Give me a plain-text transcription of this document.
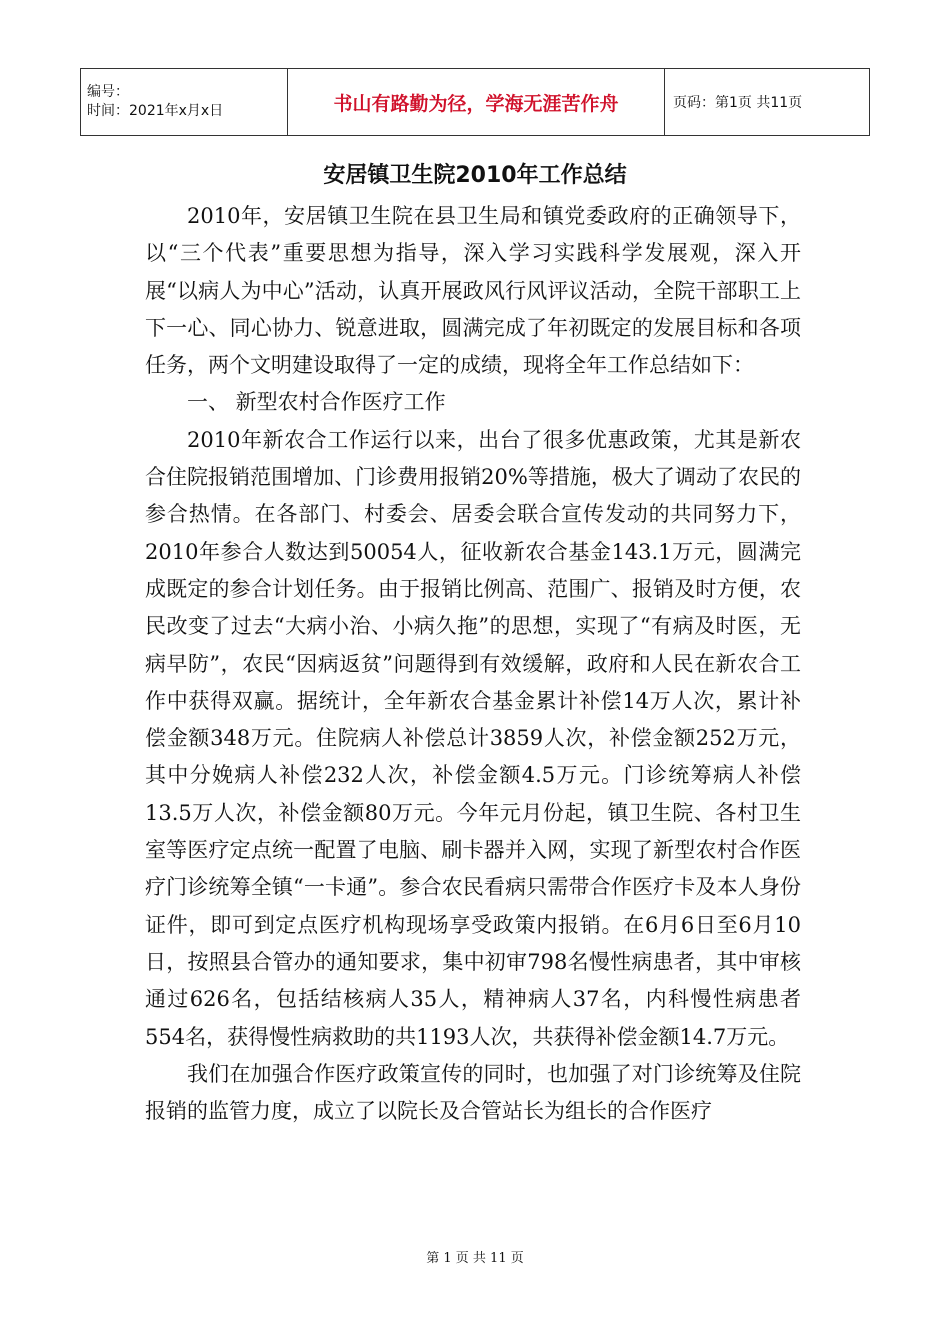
编号：
时间：2021年x月x日	书山有路勤为径，学海无涯苦作舟	页码：第1页 共11页
安居镇卫生院2010年工作总结

2010年，安居镇卫生院在县卫生局和镇党委政府的正确领导下，以“三个代表”重要思想为指导，深入学习实践科学发展观，深入开展“以病人为中心”活动，认真开展政风行风评议活动，全院干部职工上下一心、同心协力、锐意进取，圆满完成了年初既定的发展目标和各项任务，两个文明建设取得了一定的成绩，现将全年工作总结如下：

一、 新型农村合作医疗工作

2010年新农合工作运行以来，出台了很多优惠政策，尤其是新农合住院报销范围增加、门诊费用报销20%等措施，极大了调动了农民的参合热情。在各部门、村委会、居委会联合宣传发动的共同努力下，2010年参合人数达到50054人，征收新农合基金143.1万元，圆满完成既定的参合计划任务。由于报销比例高、范围广、报销及时方便，农民改变了过去“大病小治、小病久拖”的思想，实现了“有病及时医，无病早防”，农民“因病返贫”问题得到有效缓解，政府和人民在新农合工作中获得双赢。据统计，全年新农合基金累计补偿14万人次，累计补偿金额348万元。住院病人补偿总计3859人次，补偿金额252万元，其中分娩病人补偿232人次，补偿金额4.5万元。门诊统筹病人补偿13.5万人次，补偿金额80万元。今年元月份起，镇卫生院、各村卫生室等医疗定点统一配置了电脑、刷卡器并入网，实现了新型农村合作医疗门诊统筹全镇“一卡通”。参合农民看病只需带合作医疗卡及本人身份证件，即可到定点医疗机构现场享受政策内报销。在6月6日至6月10日，按照县合管办的通知要求，集中初审798名慢性病患者，其中审核通过626名，包括结核病人35人，精神病人37名，内科慢性病患者554名，获得慢性病救助的共1193人次，共获得补偿金额14.7万元。

我们在加强合作医疗政策宣传的同时，也加强了对门诊统筹及住院报销的监管力度，成立了以院长及合管站长为组长的合作医疗

第 1 页 共 11 页
